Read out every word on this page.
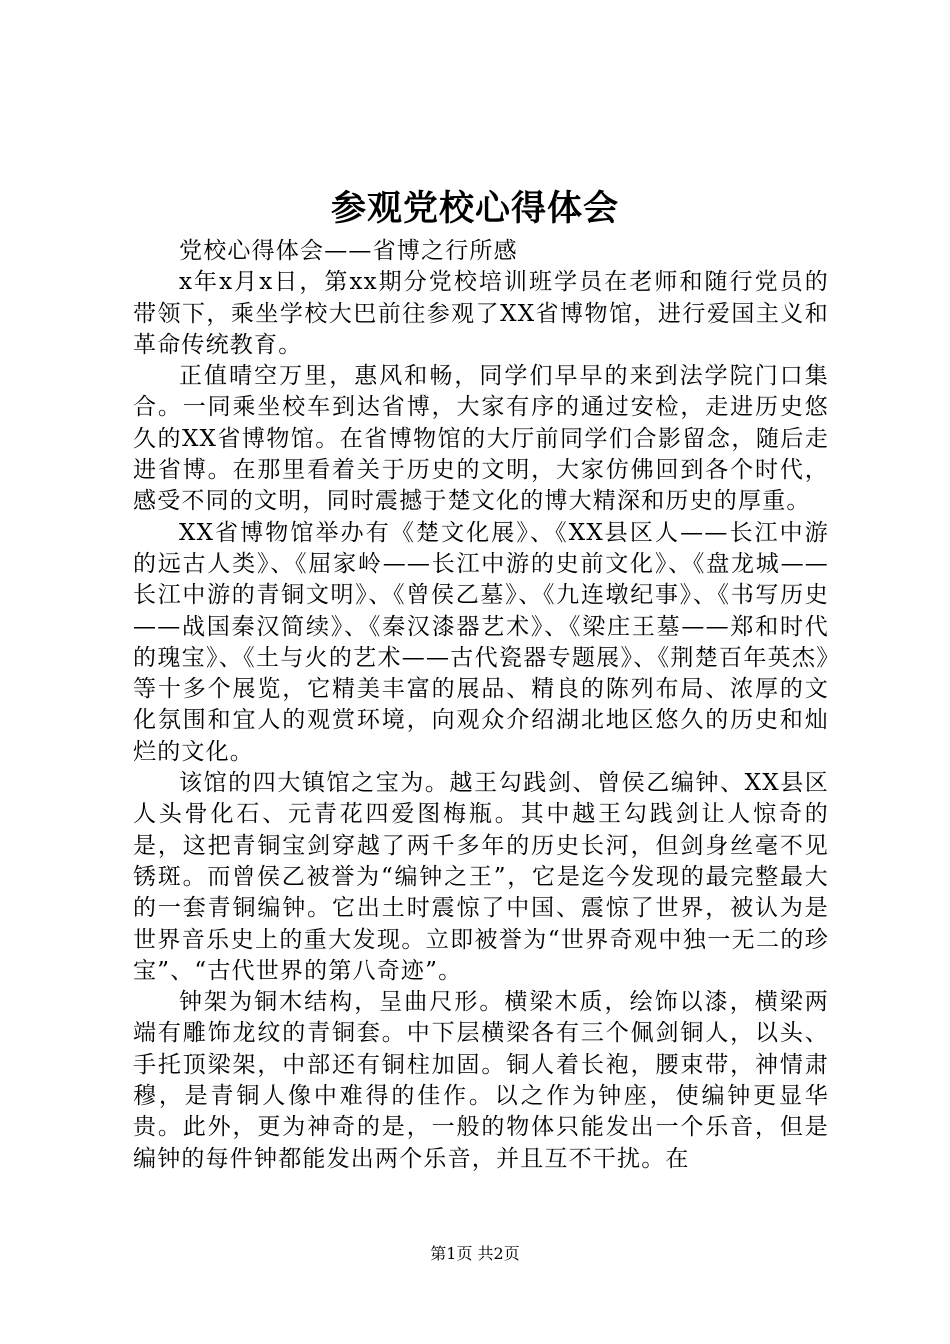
参观党校心得体会

党校心得体会——省博之行所感

x年x月x日，第xx期分党校培训班学员在老师和随行党员的带领下，乘坐学校大巴前往参观了XX省博物馆，进行爱国主义和革命传统教育。

正值晴空万里，惠风和畅，同学们早早的来到法学院门口集合。一同乘坐校车到达省博，大家有序的通过安检，走进历史悠久的XX省博物馆。在省博物馆的大厅前同学们合影留念，随后走进省博。在那里看着关于历史的文明，大家仿佛回到各个时代，感受不同的文明，同时震撼于楚文化的博大精深和历史的厚重。

XX省博物馆举办有《楚文化展》、《XX县区人——长江中游的远古人类》、《屈家岭——长江中游的史前文化》、《盘龙城——长江中游的青铜文明》、《曾侯乙墓》、《九连墩纪事》、《书写历史——战国秦汉简续》、《秦汉漆器艺术》、《梁庄王墓——郑和时代的瑰宝》、《土与火的艺术——古代瓷器专题展》、《荆楚百年英杰》等十多个展览，它精美丰富的展品、精良的陈列布局、浓厚的文化氛围和宜人的观赏环境，向观众介绍湖北地区悠久的历史和灿烂的文化。

该馆的四大镇馆之宝为。越王勾践剑、曾侯乙编钟、XX县区人头骨化石、元青花四爱图梅瓶。其中越王勾践剑让人惊奇的是，这把青铜宝剑穿越了两千多年的历史长河，但剑身丝毫不见锈斑。而曾侯乙被誉为“编钟之王”，它是迄今发现的最完整最大的一套青铜编钟。它出土时震惊了中国、震惊了世界，被认为是世界音乐史上的重大发现。立即被誉为“世界奇观中独一无二的珍宝”、“古代世界的第八奇迹”。

钟架为铜木结构，呈曲尺形。横梁木质，绘饰以漆，横梁两端有雕饰龙纹的青铜套。中下层横梁各有三个佩剑铜人，以头、手托顶梁架，中部还有铜柱加固。铜人着长袍，腰束带，神情肃穆，是青铜人像中难得的佳作。以之作为钟座，使编钟更显华贵。此外，更为神奇的是，一般的物体只能发出一个乐音，但是编钟的每件钟都能发出两个乐音，并且互不干扰。在

第1页 共2页
